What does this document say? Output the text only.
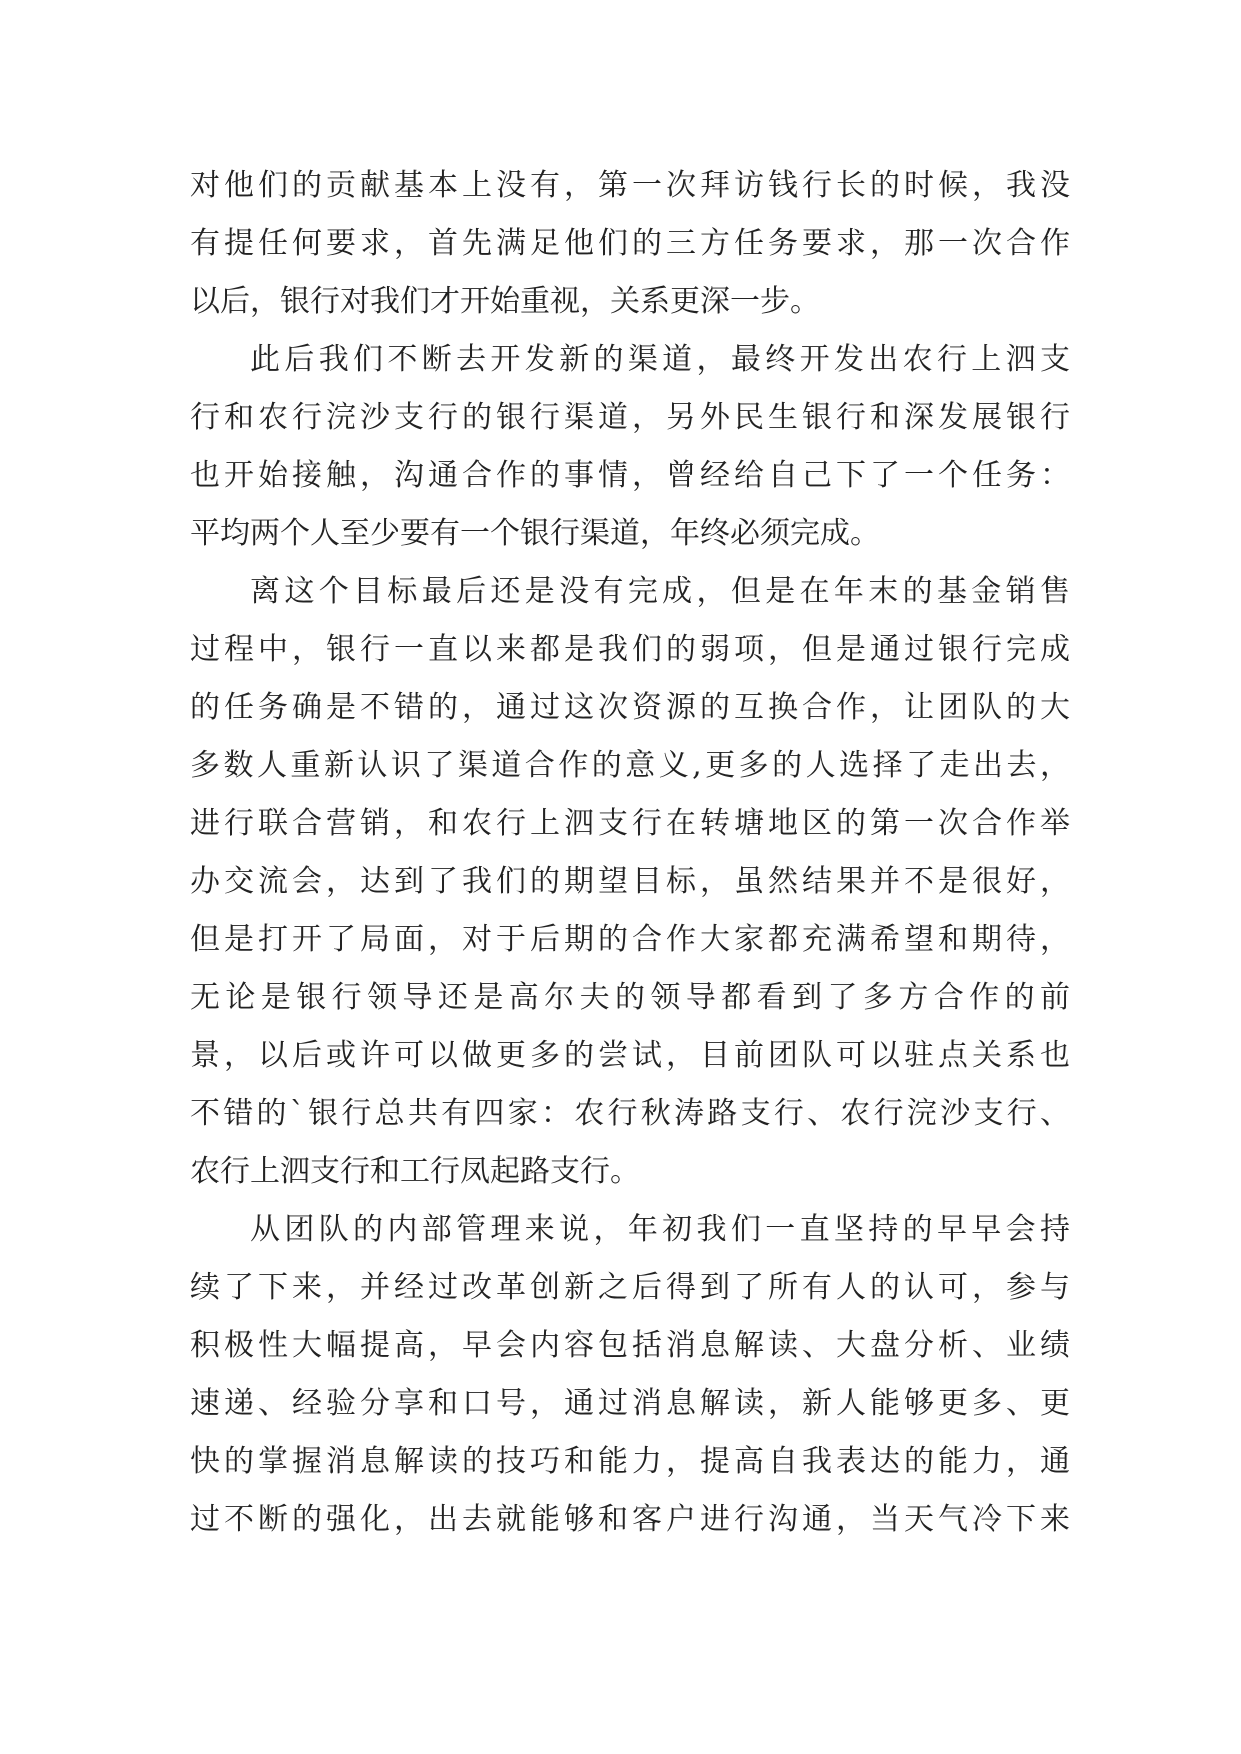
对他们的贡献基本上没有，第一次拜访钱行长的时候，我没
有提任何要求，首先满足他们的三方任务要求，那一次合作
以后，银行对我们才开始重视，关系更深一步。
此后我们不断去开发新的渠道，最终开发出农行上泗支
行和农行浣沙支行的银行渠道，另外民生银行和深发展银行
也开始接触，沟通合作的事情，曾经给自己下了一个任务：
平均两个人至少要有一个银行渠道，年终必须完成。
离这个目标最后还是没有完成，但是在年末的基金销售
过程中，银行一直以来都是我们的弱项，但是通过银行完成
的任务确是不错的，通过这次资源的互换合作，让团队的大
多数人重新认识了渠道合作的意义,更多的人选择了走出去，
进行联合营销，和农行上泗支行在转塘地区的第一次合作举
办交流会，达到了我们的期望目标，虽然结果并不是很好，
但是打开了局面，对于后期的合作大家都充满希望和期待，
无论是银行领导还是高尔夫的领导都看到了多方合作的前
景，以后或许可以做更多的尝试，目前团队可以驻点关系也
不错的`银行总共有四家：农行秋涛路支行、农行浣沙支行、
农行上泗支行和工行凤起路支行。
从团队的内部管理来说，年初我们一直坚持的早早会持
续了下来，并经过改革创新之后得到了所有人的认可，参与
积极性大幅提高，早会内容包括消息解读、大盘分析、业绩
速递、经验分享和口号，通过消息解读，新人能够更多、更
快的掌握消息解读的技巧和能力，提高自我表达的能力，通
过不断的强化，出去就能够和客户进行沟通，当天气冷下来
